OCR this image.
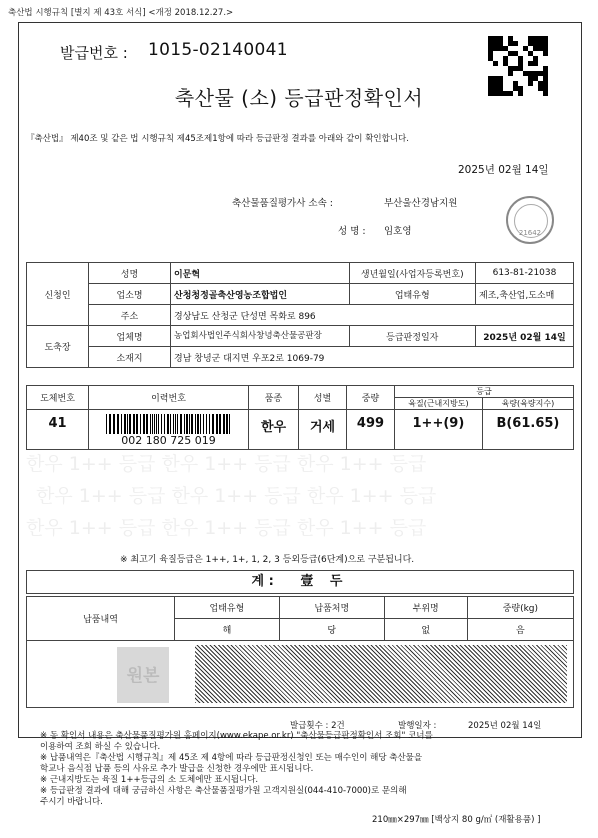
축산법 시행규칙 [별지 제 43호 서식] <개정 2018.12.27.>
발급번호 : 1015-02140041
축산물 (소) 등급판정확인서
『축산법』 제40조 및 같은 법 시행규칙 제45조제1항에 따라 등급판정 결과를 아래와 같이 확인합니다.
2025년 02월 14일
축산물품질평가사 소속 :	부산울산경남지원
성 명 : 임호영	21642
신청인	성명	이문혁	생년월일(사업자등록번호)	613-81-21038
	업소명	산청청정골축산영농조합법인	업태유형	제조,축산업,도소매
	주소	경상남도 산청군 단성면 목화로 896		
도축장	업체명	농업회사법인주식회사창녕축산물공판장	등급판정일자	2025년 02월 14일
	소재지	경남 창녕군 대지면 우포2로 1069-79		
도체번호	이력번호	품종	성별	중량	등급	
					육질(근내지방도)	육량(육량지수)
41	002 180 725 019	한우	거세	499	1++(9)	B(61.65)
한우 1++ 등급 한우 1++ 등급 한우 1++ 등급
한우 1++ 등급 한우 1++ 등급 한우 1++ 등급
한우 1++ 등급 한우 1++ 등급 한우 1++ 등급
※ 최고기 육질등급은 1++, 1+, 1, 2, 3 등외등급(6단계)으로 구분됩니다.
계 : 壹 두
납품내역	업태유형	납품처명	부위명	중량(kg)
	해	당	없	음
원본
발급횟수 : 2건	발행일자 :	2025년 02월 14일
※ 동 확인서 내용은 축산물품질평가원 홈페이지(www.ekape.or.kr) "축산물등급판정확인서 조회" 코너를
이용하여 조회 하실 수 있습니다.
※ 납품내역은『축산법 시행규칙』제 45조 제 4항에 따라 등급판정신청인 또는 매수인이 해당 축산물을
학교나 음식점 납품 등의 사유로 추가 발급을 신청한 경우에만 표시됩니다.
※ 근내지방도는 육질 1++등급의 소 도체에만 표시됩니다.
※ 등급판정 결과에 대해 궁금하신 사항은 축산물품질평가원 고객지원실(044-410-7000)로 문의해
주시기 바랍니다.
210㎜×297㎜ [백상지 80 g/㎡ (재활용품) ]
